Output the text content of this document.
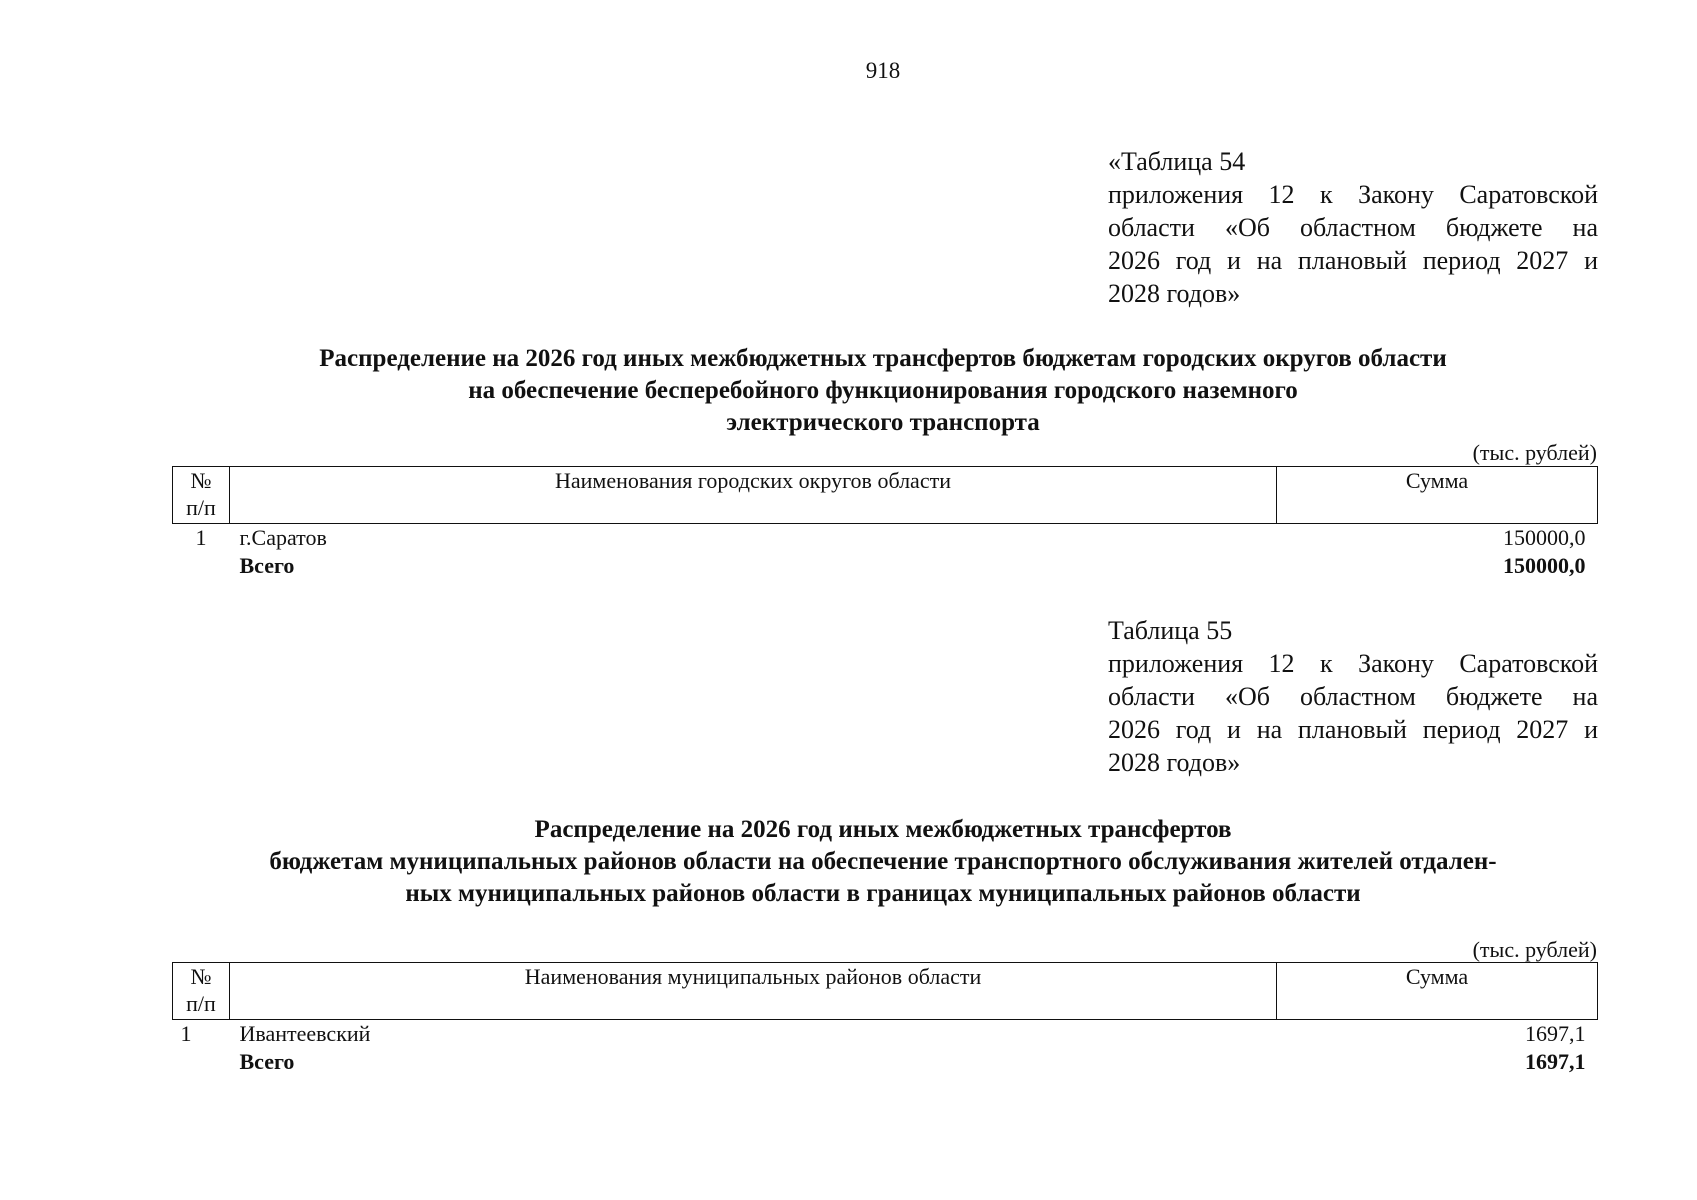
918
«Таблица 54
приложения 12 к Закону Саратовской
области «Об областном бюджете на
2026 год и на плановый период 2027 и
2028 годов»
Распределение на 2026 год иных межбюджетных трансфертов бюджетам городских округов области
на обеспечение бесперебойного функционирования городского наземного
электрического транспорта
(тыс. рублей)
№
п/п	Наименования городских округов области	Сумма
1	г.Саратов	150000,0
	Всего	150000,0
Таблица 55
приложения 12 к Закону Саратовской
области «Об областном бюджете на
2026 год и на плановый период 2027 и
2028 годов»
Распределение на 2026 год иных межбюджетных трансфертов
бюджетам муниципальных районов области на обеспечение транспортного обслуживания жителей отдален-
ных муниципальных районов области в границах муниципальных районов области
(тыс. рублей)
№
п/п	Наименования муниципальных районов области	Сумма
1	Ивантеевский	1697,1
	Всего	1697,1
